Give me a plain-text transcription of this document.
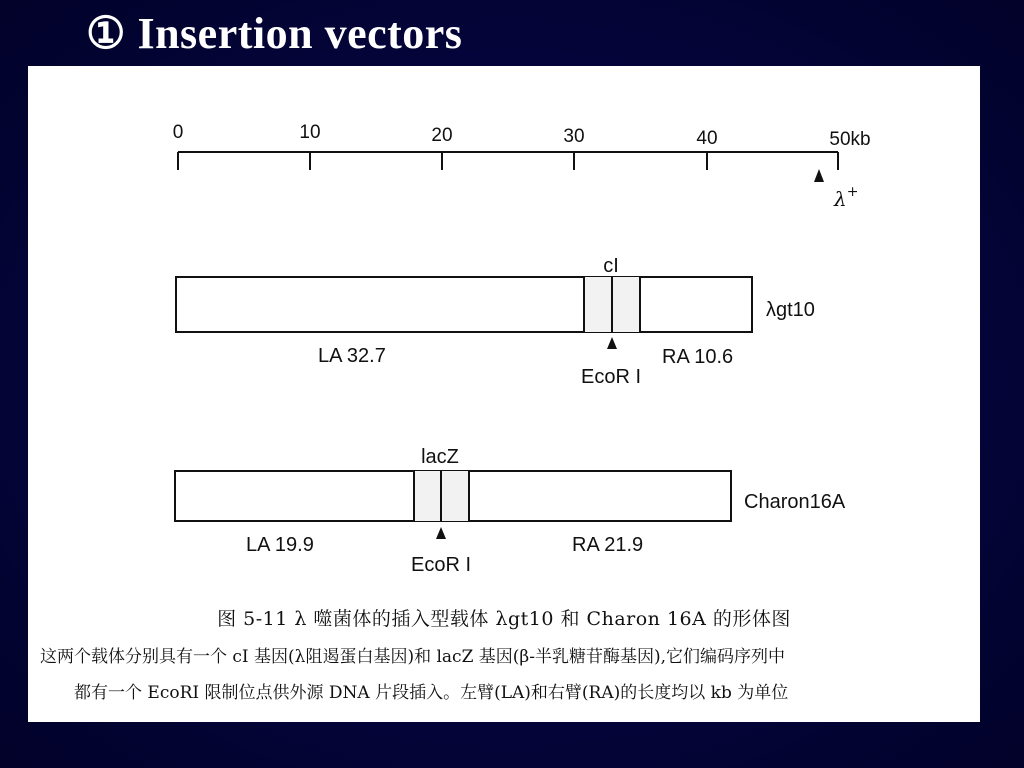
① Insertion vectors
0	10	20	30	40	50kb
λ+
cI
λgt10
LA 32.7
EcoR I
RA 10.6
lacZ
Charon16A
LA 19.9
EcoR I
RA 21.9
图 5-11 λ 噬菌体的插入型载体 λgt10 和 Charon 16A 的形体图
这两个载体分别具有一个 cI 基因(λ阻遏蛋白基因)和 lacZ 基因(β-半乳糖苷酶基因),它们编码序列中
都有一个 EcoRI 限制位点供外源 DNA 片段插入。左臂(LA)和右臂(RA)的长度均以 kb 为单位
